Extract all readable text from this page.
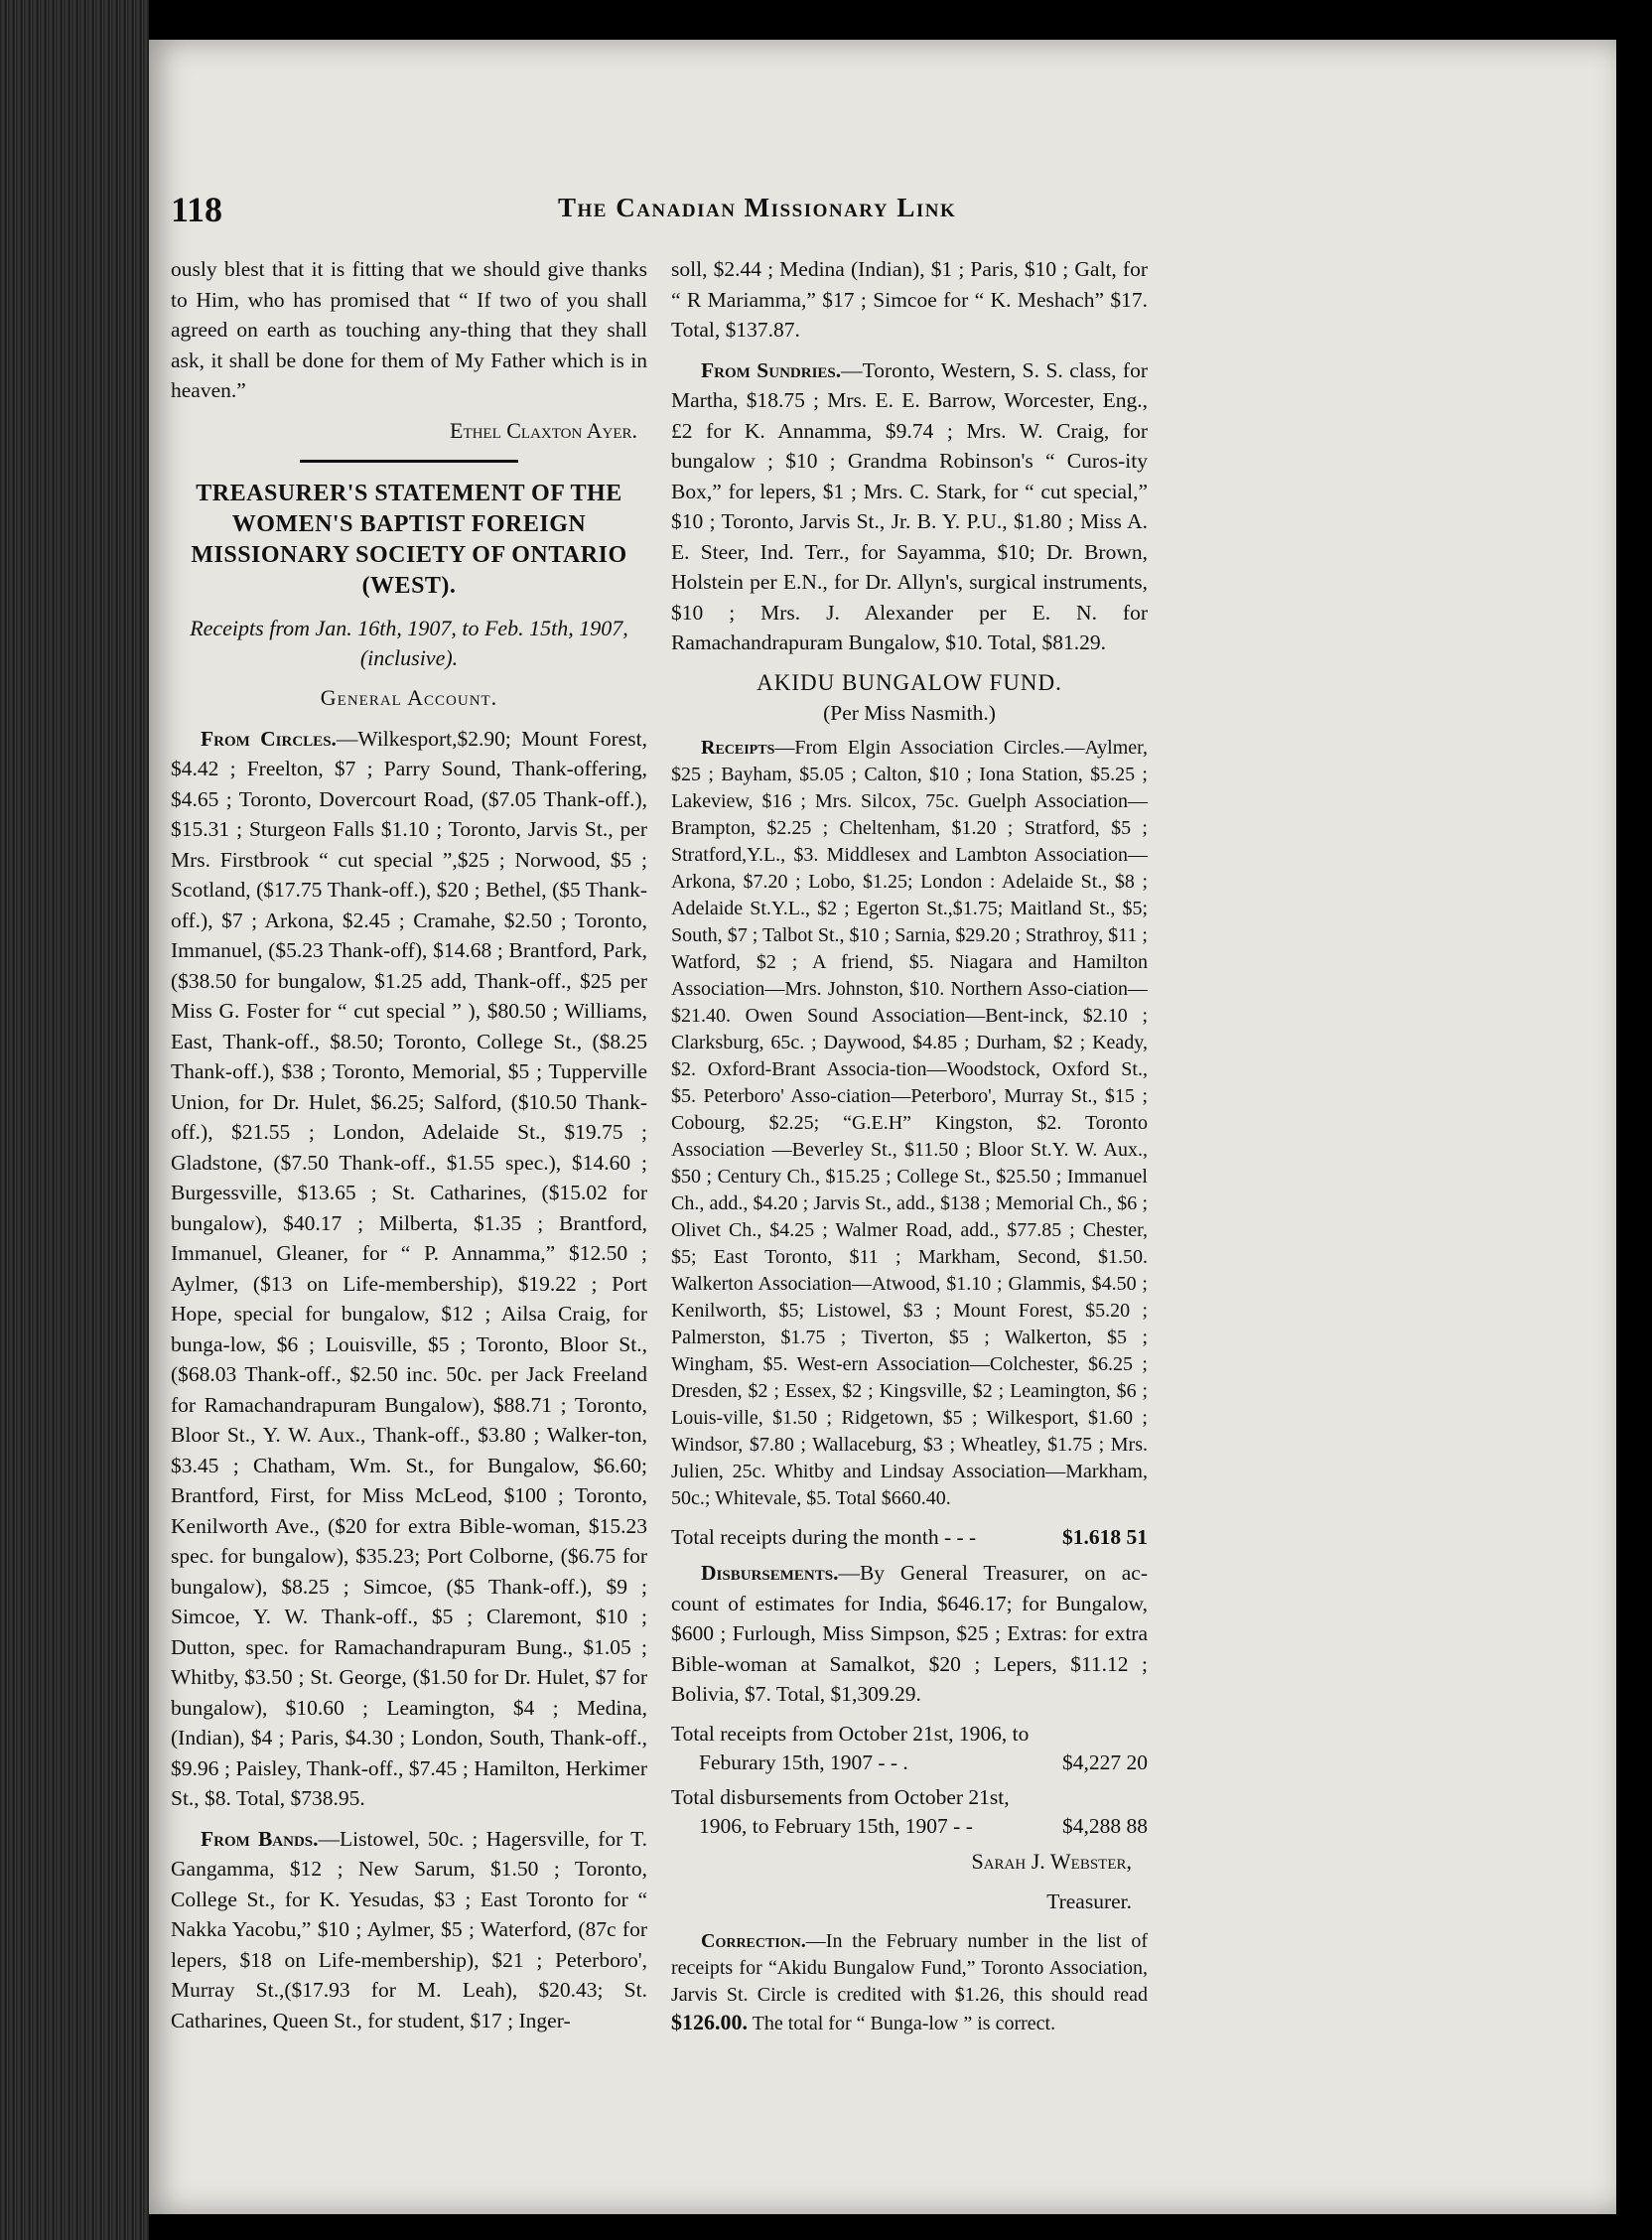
118	The Canadian Missionary Link

ously blest that it is fitting that we should give thanks to Him, who has promised that “ If two of you shall agreed on earth as touching any-thing that they shall ask, it shall be done for them of My Father which is in heaven.”

Ethel Claxton Ayer.
TREASURER'S STATEMENT OF THE WOMEN'S BAPTIST FOREIGN MISSIONARY SOCIETY OF ONTARIO (WEST).
Receipts from Jan. 16th, 1907, to Feb. 15th, 1907, (inclusive).
General Account.

From Circles.—Wilkesport,$2.90; Mount Forest, $4.42 ; Freelton, $7 ; Parry Sound, Thank-offering, $4.65 ; Toronto, Dovercourt Road, ($7.05 Thank-off.), $15.31 ; Sturgeon Falls $1.10 ; Toronto, Jarvis St., per Mrs. Firstbrook “ cut special ”,$25 ; Norwood, $5 ; Scotland, ($17.75 Thank-off.), $20 ; Bethel, ($5 Thank-off.), $7 ; Arkona, $2.45 ; Cramahe, $2.50 ; Toronto, Immanuel, ($5.23 Thank-off), $14.68 ; Brantford, Park, ($38.50 for bungalow, $1.25 add, Thank-off., $25 per Miss G. Foster for “ cut special ” ), $80.50 ; Williams, East, Thank-off., $8.50; Toronto, College St., ($8.25 Thank-off.), $38 ; Toronto, Memorial, $5 ; Tupperville Union, for Dr. Hulet, $6.25; Salford, ($10.50 Thank-off.), $21.55 ; London, Adelaide St., $19.75 ; Gladstone, ($7.50 Thank-off., $1.55 spec.), $14.60 ; Burgessville, $13.65 ; St. Catharines, ($15.02 for bungalow), $40.17 ; Milberta, $1.35 ; Brantford, Immanuel, Gleaner, for “ P. Annamma,” $12.50 ; Aylmer, ($13 on Life-membership), $19.22 ; Port Hope, special for bungalow, $12 ; Ailsa Craig, for bunga-low, $6 ; Louisville, $5 ; Toronto, Bloor St., ($68.03 Thank-off., $2.50 inc. 50c. per Jack Freeland for Ramachandrapuram Bungalow), $88.71 ; Toronto, Bloor St., Y. W. Aux., Thank-off., $3.80 ; Walker-ton, $3.45 ; Chatham, Wm. St., for Bungalow, $6.60; Brantford, First, for Miss McLeod, $100 ; Toronto, Kenilworth Ave., ($20 for extra Bible-woman, $15.23 spec. for bungalow), $35.23; Port Colborne, ($6.75 for bungalow), $8.25 ; Simcoe, ($5 Thank-off.), $9 ; Simcoe, Y. W. Thank-off., $5 ; Claremont, $10 ; Dutton, spec. for Ramachandrapuram Bung., $1.05 ; Whitby, $3.50 ; St. George, ($1.50 for Dr. Hulet, $7 for bungalow), $10.60 ; Leamington, $4 ; Medina, (Indian), $4 ; Paris, $4.30 ; London, South, Thank-off., $9.96 ; Paisley, Thank-off., $7.45 ; Hamilton, Herkimer St., $8. Total, $738.95.

From Bands.—Listowel, 50c. ; Hagersville, for T. Gangamma, $12 ; New Sarum, $1.50 ; Toronto, College St., for K. Yesudas, $3 ; East Toronto for “ Nakka Yacobu,” $10 ; Aylmer, $5 ; Waterford, (87c for lepers, $18 on Life-membership), $21 ; Peterboro', Murray St.,($17.93 for M. Leah), $20.43; St. Catharines, Queen St., for student, $17 ; Inger-

soll, $2.44 ; Medina (Indian), $1 ; Paris, $10 ; Galt, for “ R Mariamma,” $17 ; Simcoe for “ K. Meshach” $17. Total, $137.87.

From Sundries.—Toronto, Western, S. S. class, for Martha, $18.75 ; Mrs. E. E. Barrow, Worcester, Eng., £2 for K. Annamma, $9.74 ; Mrs. W. Craig, for bungalow ; $10 ; Grandma Robinson's “ Curos-ity Box,” for lepers, $1 ; Mrs. C. Stark, for “ cut special,” $10 ; Toronto, Jarvis St., Jr. B. Y. P.U., $1.80 ; Miss A. E. Steer, Ind. Terr., for Sayamma, $10; Dr. Brown, Holstein per E.N., for Dr. Allyn's, surgical instruments, $10 ; Mrs. J. Alexander per E. N. for Ramachandrapuram Bungalow, $10. Total, $81.29.

AKIDU BUNGALOW FUND.
(Per Miss Nasmith.)

Receipts—From Elgin Association Circles.—Aylmer, $25 ; Bayham, $5.05 ; Calton, $10 ; Iona Station, $5.25 ; Lakeview, $16 ; Mrs. Silcox, 75c. Guelph Association—Brampton, $2.25 ; Cheltenham, $1.20 ; Stratford, $5 ; Stratford,Y.L., $3. Middlesex and Lambton Association—Arkona, $7.20 ; Lobo, $1.25; London : Adelaide St., $8 ; Adelaide St.Y.L., $2 ; Egerton St.,$1.75; Maitland St., $5; South, $7 ; Talbot St., $10 ; Sarnia, $29.20 ; Strathroy, $11 ; Watford, $2 ; A friend, $5. Niagara and Hamilton Association—Mrs. Johnston, $10. Northern Asso-ciation—$21.40. Owen Sound Association—Bent-inck, $2.10 ; Clarksburg, 65c. ; Daywood, $4.85 ; Durham, $2 ; Keady, $2. Oxford-Brant Associa-tion—Woodstock, Oxford St., $5. Peterboro' Asso-ciation—Peterboro', Murray St., $15 ; Cobourg, $2.25; “G.E.H” Kingston, $2. Toronto Association —Beverley St., $11.50 ; Bloor St.Y. W. Aux., $50 ; Century Ch., $15.25 ; College St., $25.50 ; Immanuel Ch., add., $4.20 ; Jarvis St., add., $138 ; Memorial Ch., $6 ; Olivet Ch., $4.25 ; Walmer Road, add., $77.85 ; Chester, $5; East Toronto, $11 ; Markham, Second, $1.50. Walkerton Association—Atwood, $1.10 ; Glammis, $4.50 ; Kenilworth, $5; Listowel, $3 ; Mount Forest, $5.20 ; Palmerston, $1.75 ; Tiverton, $5 ; Walkerton, $5 ; Wingham, $5. West-ern Association—Colchester, $6.25 ; Dresden, $2 ; Essex, $2 ; Kingsville, $2 ; Leamington, $6 ; Louis-ville, $1.50 ; Ridgetown, $5 ; Wilkesport, $1.60 ; Windsor, $7.80 ; Wallaceburg, $3 ; Wheatley, $1.75 ; Mrs. Julien, 25c. Whitby and Lindsay Association—Markham, 50c.; Whitevale, $5. Total $660.40.

Total receipts during the month - - -	$1.618 51

Disbursements.—By General Treasurer, on ac-count of estimates for India, $646.17; for Bungalow, $600 ; Furlough, Miss Simpson, $25 ; Extras: for extra Bible-woman at Samalkot, $20 ; Lepers, $11.12 ; Bolivia, $7. Total, $1,309.29.

Total receipts from October 21st, 1906, to
Feburary 15th, 1907 - - .	$4,227 20
Total disbursements from October 21st,
1906, to February 15th, 1907 - -	$4,288 88
Sarah J. Webster,
Treasurer.

Correction.—In the February number in the list of receipts for “Akidu Bungalow Fund,” Toronto Association, Jarvis St. Circle is credited with $1.26, this should read $126.00. The total for “ Bunga-low ” is correct.
